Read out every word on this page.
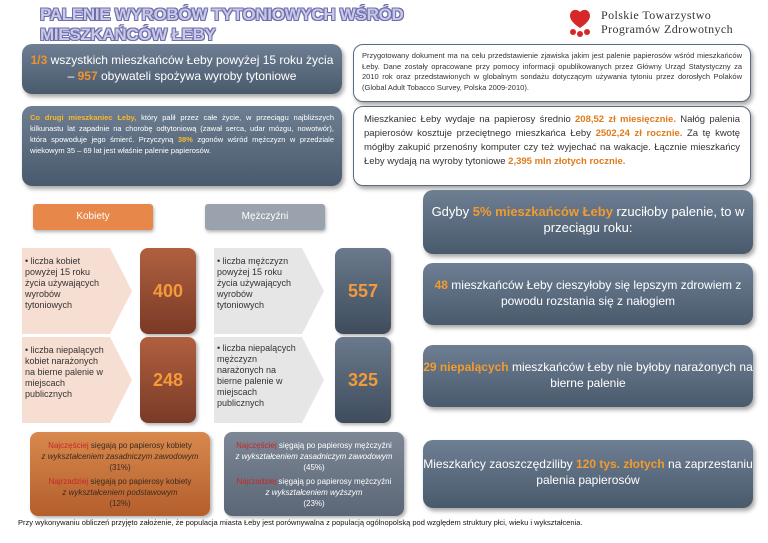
PALENIE WYROBÓW TYTONIOWYCH WŚRÓD MIESZKAŃCÓW ŁEBY
Polskie Towarzystwo
Programów Zdrowotnych
1/3 wszystkich mieszkańców Łeby powyżej 15 roku życia
– 957 obywateli spożywa wyroby tytoniowe
Przygotowany dokument ma na celu przedstawienie zjawiska jakim jest palenie papierosów wśród mieszkańców Łeby. Dane zostały opracowane przy pomocy informacji opublikowanych przez Główny Urząd Statystyczny za 2010 rok oraz przedstawionych w globalnym sondażu dotyczącym używania tytoniu przez dorosłych Polaków (Global Adult Tobacco Survey, Polska 2009-2010).
Co drugi mieszkaniec Łeby, który palił przez całe życie, w przeciągu najbliższych kilkunastu lat zapadnie na chorobę odtytoniową (zawał serca, udar mózgu, nowotwór), która spowoduje jego śmierć. Przyczyną 38% zgonów wśród mężczyzn w przedziale wiekowym 35 – 69 lat jest właśnie palenie papierosów.
Mieszkaniec Łeby wydaje na papierosy średnio 208,52 zł miesięcznie. Nałóg palenia papierosów kosztuje przeciętnego mieszkańca Łeby 2502,24 zł rocznie. Za tę kwotę mógłby zakupić przenośny komputer czy też wyjechać na wakacje. Łącznie mieszkańcy Łeby wydają na wyroby tytoniowe 2,395 mln złotych rocznie.
Kobiety	Mężczyźni
• liczba kobiet powyżej 15 roku życia używających wyrobów tytoniowych
400
• liczba niepalących kobiet narażonych na bierne palenie w miejscach publicznych
248
• liczba mężczyzn powyżej 15 roku życia używających wyrobów tytoniowych
557
• liczba niepalących mężczyzn narażonych na bierne palenie w miejscach publicznych
325
Gdyby 5% mieszkańców Łeby rzuciłoby palenie, to w przeciągu roku:
48 mieszkańców Łeby cieszyłoby się lepszym zdrowiem z powodu rozstania się z nałogiem
29 niepalących mieszkańców Łeby nie byłoby narażonych na bierne palenie
Mieszkańcy zaoszczędziliby 120 tys. złotych na zaprzestaniu palenia papierosów
Najczęściej sięgają po papierosy kobiety
z wykształceniem zasadniczym zawodowym
(31%)
Najrzadziej sięgają po papierosy kobiety
z wykształceniem podstawowym
(12%)
Najczęściej sięgają po papierosy mężczyźni
z wykształceniem zasadniczym zawodowym
(45%)
Najrzadziej sięgają po papierosy mężczyźni
z wykształceniem wyższym
(23%)
Przy wykonywaniu obliczeń przyjęto założenie, że populacja miasta Łeby jest porównywalna z populacją ogólnopolską pod względem struktury płci, wieku i wykształcenia.
